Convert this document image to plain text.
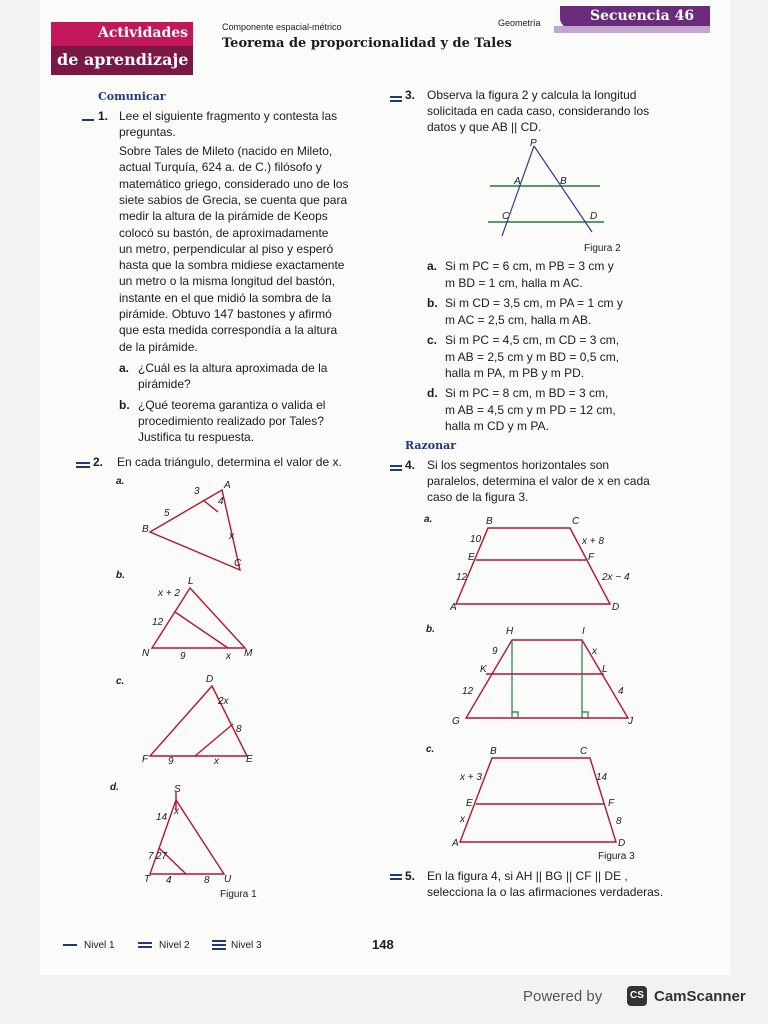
Actividades
de aprendizaje
Componente espacial-métrico
Teorema de proporcionalidad y de Tales
Geometría	Secuencia 46
Comunicar
1. Lee el siguiente fragmento y contesta las
preguntas.
Sobre Tales de Mileto (nacido en Mileto,
actual Turquía, 624 a. de C.) filósofo y
matemático griego, considerado uno de los
siete sabios de Grecia, se cuenta que para
medir la altura de la pirámide de Keops
colocó su bastón, de aproximadamente
un metro, perpendicular al piso y esperó
hasta que la sombra midiese exactamente
un metro o la misma longitud del bastón,
instante en el que midió la sombra de la
pirámide. Obtuvo 147 bastones y afirmó
que esta medida correspondía a la altura
de la pirámide.
a. ¿Cuál es la altura aproximada de la
pirámide?
b. ¿Qué teorema garantiza o valida el
procedimiento realizado por Tales?
Justifica tu respuesta.
2. En cada triángulo, determina el valor de x.
a.	A
B
C
3
4
5
x
b.
L
N	M
x + 2
12
9	x
c.	D
F	E
2x
8
9	x
d.	S
T	U
14
x
7 27
4	8
Figura 1
3. Observa la figura 2 y calcula la longitud
solicitada en cada caso, considerando los
datos y que AB || CD.
P
A	B
C	D
Figura 2
a. Si m PC = 6 cm, m PB = 3 cm y
m BD = 1 cm, halla m AC.
b. Si m CD = 3,5 cm, m PA = 1 cm y
m AC = 2,5 cm, halla m AB.
c. Si m PC = 4,5 cm, m CD = 3 cm,
m AB = 2,5 cm y m BD = 0,5 cm,
halla m PA, m PB y m PD.
d. Si m PC = 8 cm, m BD = 3 cm,
m AB = 4,5 cm y m PD = 12 cm,
halla m CD y m PA.
Razonar
4. Si los segmentos horizontales son
paralelos, determina el valor de x en cada
caso de la figura 3.
a.	B	C
E	F
A	D
10
12
x + 8
2x − 4
b.	H	I
K	L
G	J
9	x
12	4
c.	B	C
E	F
A	D
x + 3	14
x	8
Figura 3
5. En la figura 4, si AH || BG || CF || DE ,
selecciona la o las afirmaciones verdaderas.
Nivel 1	Nivel 2	Nivel 3	148
Powered by	CS CamScanner
